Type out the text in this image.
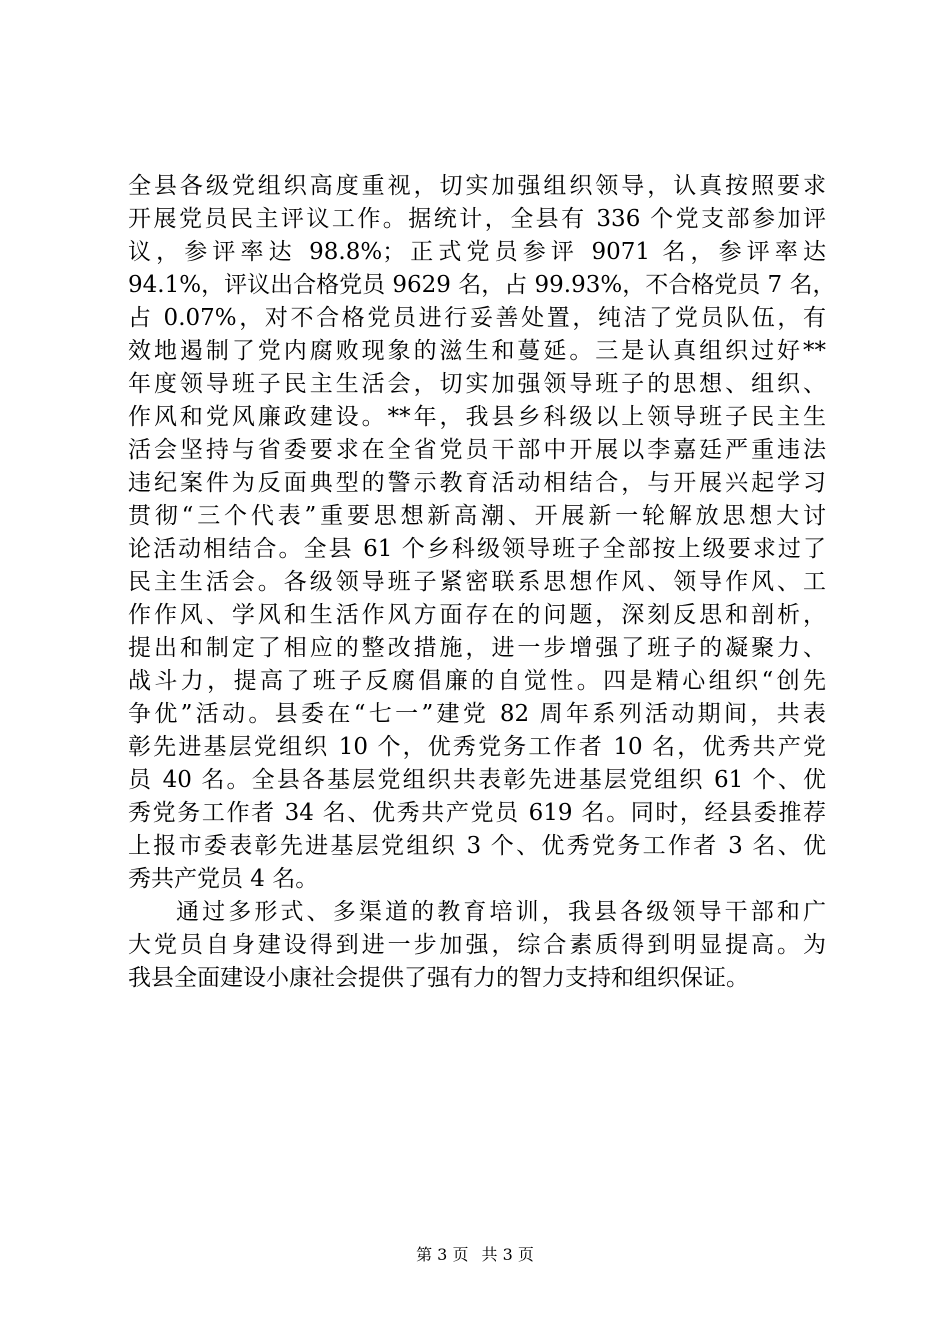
全县各级党组织高度重视，切实加强组织领导，认真按照要求
开展党员民主评议工作。据统计，全县有 336 个党支部参加评
议，参评率达 98.8%；正式党员参评 9071 名，参评率达
94.1%，评议出合格党员 9629 名，占 99.93%，不合格党员 7 名，
占 0.07%，对不合格党员进行妥善处置，纯洁了党员队伍，有
效地遏制了党内腐败现象的滋生和蔓延。三是认真组织过好**
年度领导班子民主生活会，切实加强领导班子的思想、组织、
作风和党风廉政建设。**年，我县乡科级以上领导班子民主生
活会坚持与省委要求在全省党员干部中开展以李嘉廷严重违法
违纪案件为反面典型的警示教育活动相结合，与开展兴起学习
贯彻“三个代表”重要思想新高潮、开展新一轮解放思想大讨
论活动相结合。全县 61 个乡科级领导班子全部按上级要求过了
民主生活会。各级领导班子紧密联系思想作风、领导作风、工
作作风、学风和生活作风方面存在的问题，深刻反思和剖析，
提出和制定了相应的整改措施，进一步增强了班子的凝聚力、
战斗力，提高了班子反腐倡廉的自觉性。四是精心组织“创先
争优”活动。县委在“七一”建党 82 周年系列活动期间，共表
彰先进基层党组织 10 个，优秀党务工作者 10 名，优秀共产党
员 40 名。全县各基层党组织共表彰先进基层党组织 61 个、优
秀党务工作者 34 名、优秀共产党员 619 名。同时，经县委推荐
上报市委表彰先进基层党组织 3 个、优秀党务工作者 3 名、优
秀共产党员 4 名。
通过多形式、多渠道的教育培训，我县各级领导干部和广
大党员自身建设得到进一步加强，综合素质得到明显提高。为
我县全面建设小康社会提供了强有力的智力支持和组织保证。
第 3 页 共 3 页
